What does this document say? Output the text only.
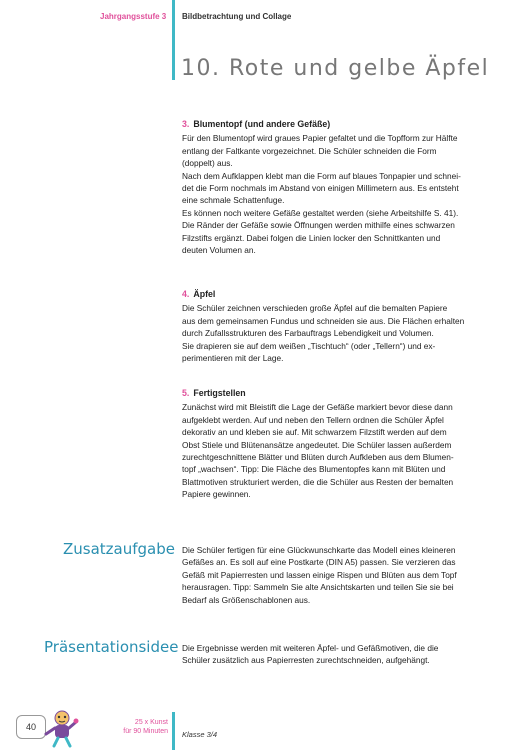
Jahrgangsstufe 3 Bildbetrachtung und Collage
10. Rote und gelbe Äpfel
3. Blumentopf (und andere Gefäße)

Für den Blumentopf wird graues Papier gefaltet und die Topfform zur Hälfte
entlang der Faltkante vorgezeichnet. Die Schüler schneiden die Form
(doppelt) aus.
Nach dem Aufklappen klebt man die Form auf blaues Tonpapier und schnei-
det die Form nochmals im Abstand von einigen Millimetern aus. Es entsteht
eine schmale Schattenfuge.
Es können noch weitere Gefäße gestaltet werden (siehe Arbeitshilfe S. 41).
Die Ränder der Gefäße sowie Öffnungen werden mithilfe eines schwarzen
Filzstifts ergänzt. Dabei folgen die Linien locker den Schnittkanten und
deuten Volumen an.

4. Äpfel

Die Schüler zeichnen verschieden große Äpfel auf die bemalten Papiere
aus dem gemeinsamen Fundus und schneiden sie aus. Die Flächen erhalten
durch Zufallsstrukturen des Farbauftrags Lebendigkeit und Volumen.
Sie drapieren sie auf dem weißen „Tischtuch“ (oder „Tellern“) und ex-
perimentieren mit der Lage.

5. Fertigstellen

Zunächst wird mit Bleistift die Lage der Gefäße markiert bevor diese dann
aufgeklebt werden. Auf und neben den Tellern ordnen die Schüler Äpfel
dekorativ an und kleben sie auf. Mit schwarzem Filzstift werden auf dem
Obst Stiele und Blütenansätze angedeutet. Die Schüler lassen außerdem
zurechtgeschnittene Blätter und Blüten durch Aufkleben aus dem Blumen-
topf „wachsen“. Tipp: Die Fläche des Blumentopfes kann mit Blüten und
Blattmotiven strukturiert werden, die die Schüler aus Resten der bemalten
Papiere gewinnen.

Zusatzaufgabe Die Schüler fertigen für eine Glückwunschkarte das Modell eines kleineren
Gefäßes an. Es soll auf eine Postkarte (DIN A5) passen. Sie verzieren das
Gefäß mit Papierresten und lassen einige Rispen und Blüten aus dem Topf
herausragen. Tipp: Sammeln Sie alte Ansichtskarten und teilen Sie sie bei
Bedarf als Größenschablonen aus.

Präsentationsidee Die Ergebnisse werden mit weiteren Äpfel- und Gefäßmotiven, die die
Schüler zusätzlich aus Papierresten zurechtschneiden, aufgehängt.

40	25 x Kunst
für 90 Minuten Klasse 3/4
